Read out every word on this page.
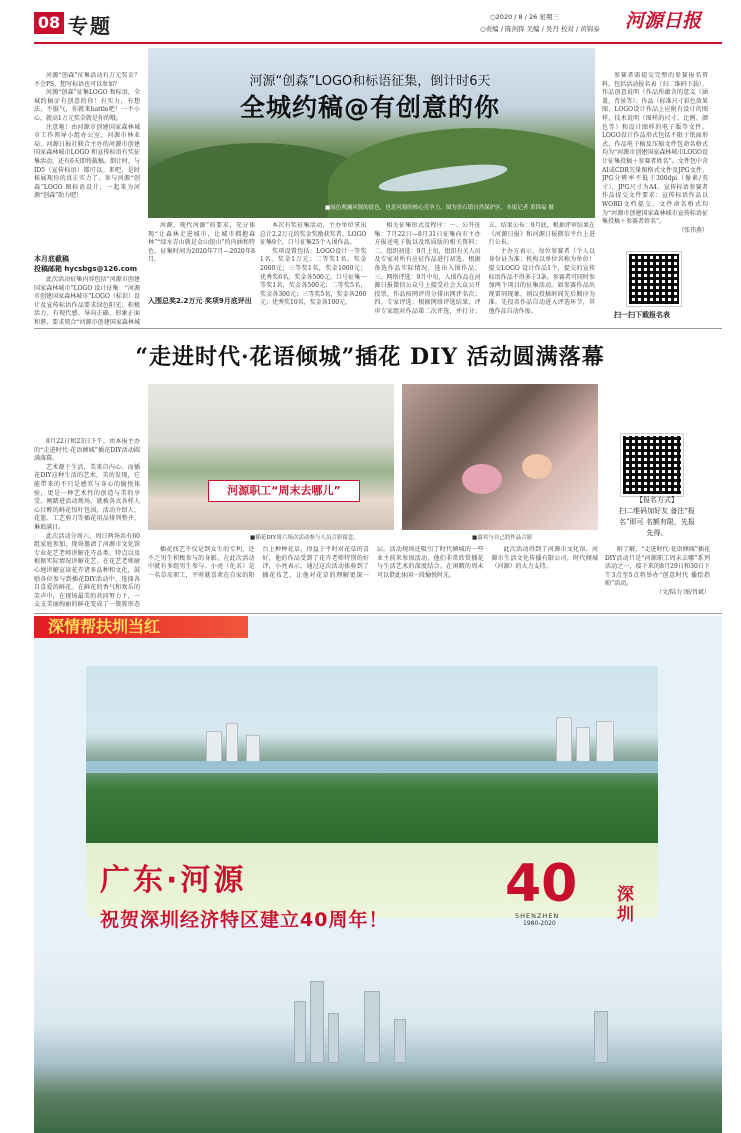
08 专题	○2020 / 8 / 26 星期三
○责编 / 陈剑挥 美编 / 吴丹 校对 / 黄锦泰 河源日报

河源“创森”征集活动有万元奖金？不会PS，想写标语也可以参加？

河源“创森”征集LOGO 和标语，全城约稿＠有创意的你！有实力，有想法，不服气，你就来battle吧！一不小心，就高1万元奖金就是你的哦。

注意啦！由河源市创建国家森林城市工作领导小组办公室、河源市林业局、河源日报社联合主办的河源市创建国家森林城市LOGO 和宣传标语有奖征集活动，还有6天即将截稿。倒计时，与ID5（宣传标语）都可以。来吧，是时候展现你的真正实力了。参与河源“创森”LOGO 图标语设计，一起来为河源“创森”助力吧！

本月底截稿
投稿邮箱 hycsbgs@126.com

此次活动征集内容包括“河源市创建国家森林城市”LOGO 设计征集：“河源市创建国家森林城市”LOGO（标识）设计及宣传标语作品要求绿色阳光、积极活力、有现代感、导向正确、形象正面和谐。要求契合“河源市创建国家森林城

河源“创森”LOGO和标语征集，倒计时6天
全城约稿@有创意的你
■绿色观澜河源的底色，也是河源的核心竞争力。图为贵石镇自然保护区。本报记者 黄锦福 摄

河源，现代河源”的要求，充分体现“让森林走进城市，让城市拥抱森林”“绿水青山就是金山银山”的内涵和特色。征集时间为2020年7月—2020年8月。

入围总奖2.2万元 奖项9月底评出

本次有奖征集活动，主办单位拿出总计2.2万元的奖金奖励获奖者。LOGO征集9个，口号征集25个入围作品。

奖项设置包括：LOGO设计一等奖1名，奖金1万元；二等奖1名，奖金2000元；三等奖1名，奖金1000元；优秀奖6名，奖金各500元。口号征集一等奖1名，奖金各500元；二等奖5名，奖金各300元；三等奖5名，奖金各200元；优秀奖10名，奖金各100元。

相关征集形式及程序：一、公开征集：7月22日—8月31日征集向市主办方报送电子版以及纸质版的相关资料；二、组织初选：9月上旬，组织有关人员及专家对所有应征作品进行初选，根据备选作品实际情况，选出入围作品；三、网络评选：9月中旬，入围作品在河源日报微信公众号上接受社会大众公开投票，作品按网评得分排出网评名次；四、专家评选：根据网络评选结果，评审专家组对作品第二次评选，并打分；五、结果公布：9月底，根据评审结果在《河源日报》和河源日报微信平台上进行公布。

主办方表示，每位参赛者（个人以身份证为准；机构以单位名称为单位）提交LOGO 设计作品1个，提交的宣传标语作品不得多于3条。参赛者可同时参加两个项目的征集活动。如参赛作品出现雷同现象，则以投稿时间先后顺序为准。先投名作品自动进入评选环节，其他作品自动作废。

参赛者需提交完整的参赛报名资料，包括活动报名表（扫二维码下载）、作品创意说明（作品所蕴含的意义（涵盖、背景等）；作品（标准尺寸彩色效果图、LOGO设计作品上应附有设计的图样，技术说明（图样的尺寸、比例、颜色等）和设计图样的电子版等文件。LOGO设计作品形式包括不限于纸面形式、作品电子稿及压缩文件包命名格式均为“河源市创建国家森林城市LOGO设计征集投稿＋参赛者姓名”。文件包中含AI或CDR矢量图格式文件及JPG文件。JPG分辨率不低于300dpi（像素/英寸），JPG尺寸为A4。宣传标语参赛者作品提交文件要求：宣传标语作品以WORD文档提交，文件命名格式均为“河源市创建国家森林城市宣传标语征集投稿＋参赛者姓名”。

（张伟燕）

扫一扫下载报名表
“走进时代·花语倾城”插花 DIY 活动圆满落幕

8月22日和23日下午，由本报主办的“走进时代·花语倾城”插花DIY活动圆满落幕。

艺术源于生活，美来自内心。而插花DIY这种生活的艺术，美的发现，它能带来的不只是感官与身心的愉悦体验，更是一种艺术性的创造与美的享受。刚踏进活动现场，就被各式各样人心目醉的鲜花惊叶包围，活动介绍人、花篮、工艺剪刀等插花用品排列整齐，琳琅满目。

此次活动分周六、周日两场共有60组家庭参加，现场邀请了河源市文化馆专业花艺老师讲解花卉品类、特点以及根据实际情况讲解花艺。在花艺老师耐心地讲解宣读花卉诸多品种和文化，鼓励各位参与到插花DIY活动中，选择各自喜爱的鲜花。在鲜花的香气和欢乐的笑声中，在现场最美的共同努力下，一支支美丽绚丽的鲜花变成了一簇簇形态

河源职工“周末去哪儿”
■插花DIY周六场次活动参与人员合影留念。	■嘉宾与自己的作品合影

插花找艺不仅是到女生的专利，还不乏男生积极参与的身影，在此次活动中就有多组男生参与。小亮（化名）是一名草皮职工，平时就喜欢在自家的阳台上种种花草，得益于平时对花草的喜好，他的作品受到了花卉老师特别的好评，小亮表示，通过这次活动体验到了插花技艺，让他对花草的理解更深一层。活动现场还吸引了时代倾城的一些业主前来参加活动，他们非常欣赏插花与生活艺术的深度结合。在闲暇的周末可以借此休闲一段愉悦时光。

此次活动得到了河源市文化馆、河源市生活文化传播有限公司，时代倾城（河源）的大力支持。

【报名方式】
扫二维码加好友 备注“报名”即可 名额有限，先报先得。

附了解，“走进时代·花语倾城”插花DIY活动只是“河源职工周末去哪”系列活动之一，接下来的8月29日和30日下午3点至5点将举办“创意时代 播绘指帕”活动。

（文/陆力 图/肖斌）

深情帮扶圳当红
广东·河源
祝贺深圳经济特区建立40周年！
40
SHENZHEN
1980-2020
深圳
